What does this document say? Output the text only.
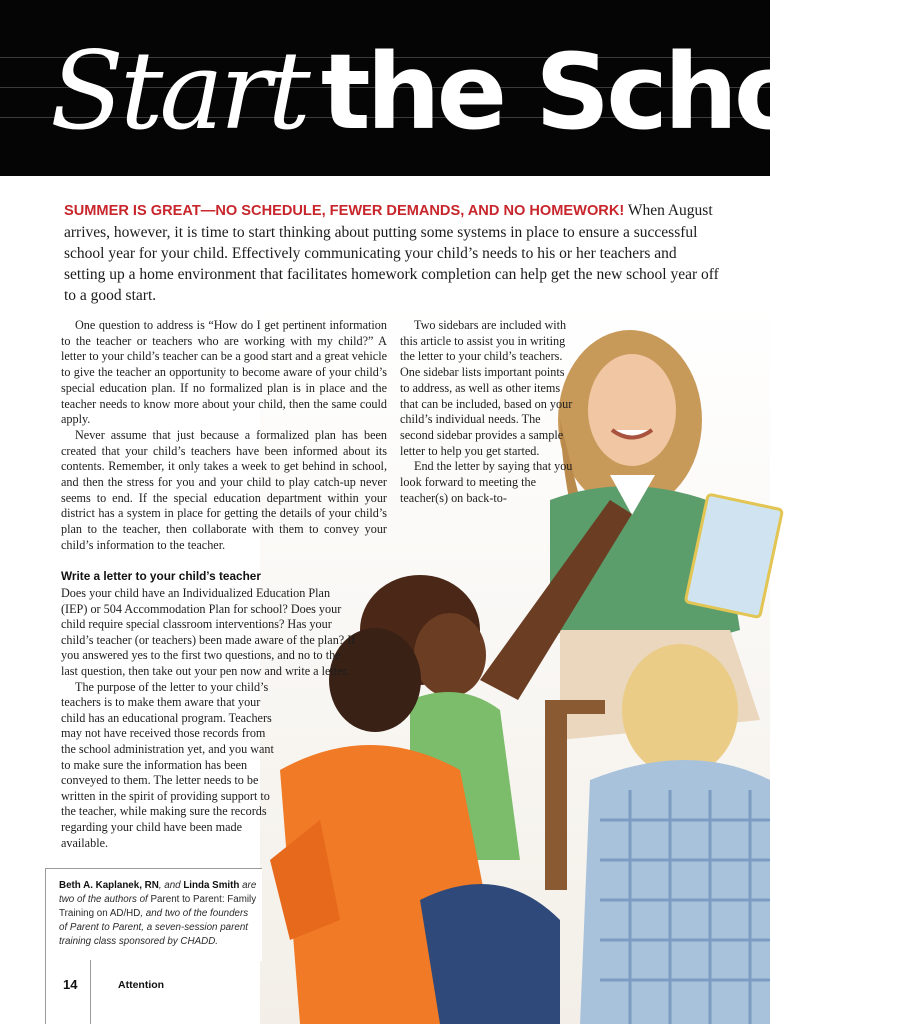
Start the School

SUMMER IS GREAT—NO SCHEDULE, FEWER DEMANDS, AND NO HOMEWORK! When August arrives, however, it is time to start thinking about putting some systems in place to ensure a successful school year for your child. Effectively communicating your child’s needs to his or her teachers and setting up a home environment that facilitates homework completion can help get the new school year off to a good start.

One question to address is “How do I get pertinent information to the teacher or teachers who are working with my child?” A letter to your child’s teacher can be a good start and a great vehicle to give the teacher an opportunity to become aware of your child’s special education plan. If no formalized plan is in place and the teacher needs to know more about your child, then the same could apply.

Never assume that just because a formalized plan has been created that your child’s teachers have been informed about its contents. Remember, it only takes a week to get behind in school, and then the stress for you and your child to play catch-up never seems to end. If the special education department within your district has a system in place for getting the details of your child’s plan to the teacher, then collaborate with them to convey your child’s information to the teacher.

Two sidebars are included with this article to assist you in writing the letter to your child’s teachers. One sidebar lists important points to address, as well as other items that can be included, based on your child’s individual needs. The second sidebar provides a sample letter to help you get started.

End the letter by saying that you look forward to meeting the teacher(s) on back-to-

Write a letter to your child’s teacher

Does your child have an Individualized Education Plan (IEP) or 504 Accommodation Plan for school? Does your child require special classroom interventions? Has your child’s teacher (or teachers) been made aware of the plan? If you answered yes to the first two questions, and no to the last question, then take out your pen now and write a letter.

The purpose of the letter to your child’s teachers is to make them aware that your child has an educational program. Teachers may not have received those records from the school administration yet, and you want to make sure the information has been conveyed to them. The letter needs to be written in the spirit of providing support to the teacher, while making sure the records regarding your child have been made available.

Beth A. Kaplanek, RN, and Linda Smith are two of the authors of Parent to Parent: Family Training on AD/HD, and two of the founders of Parent to Parent, a seven-session parent training class sponsored by CHADD.

14	Attention
